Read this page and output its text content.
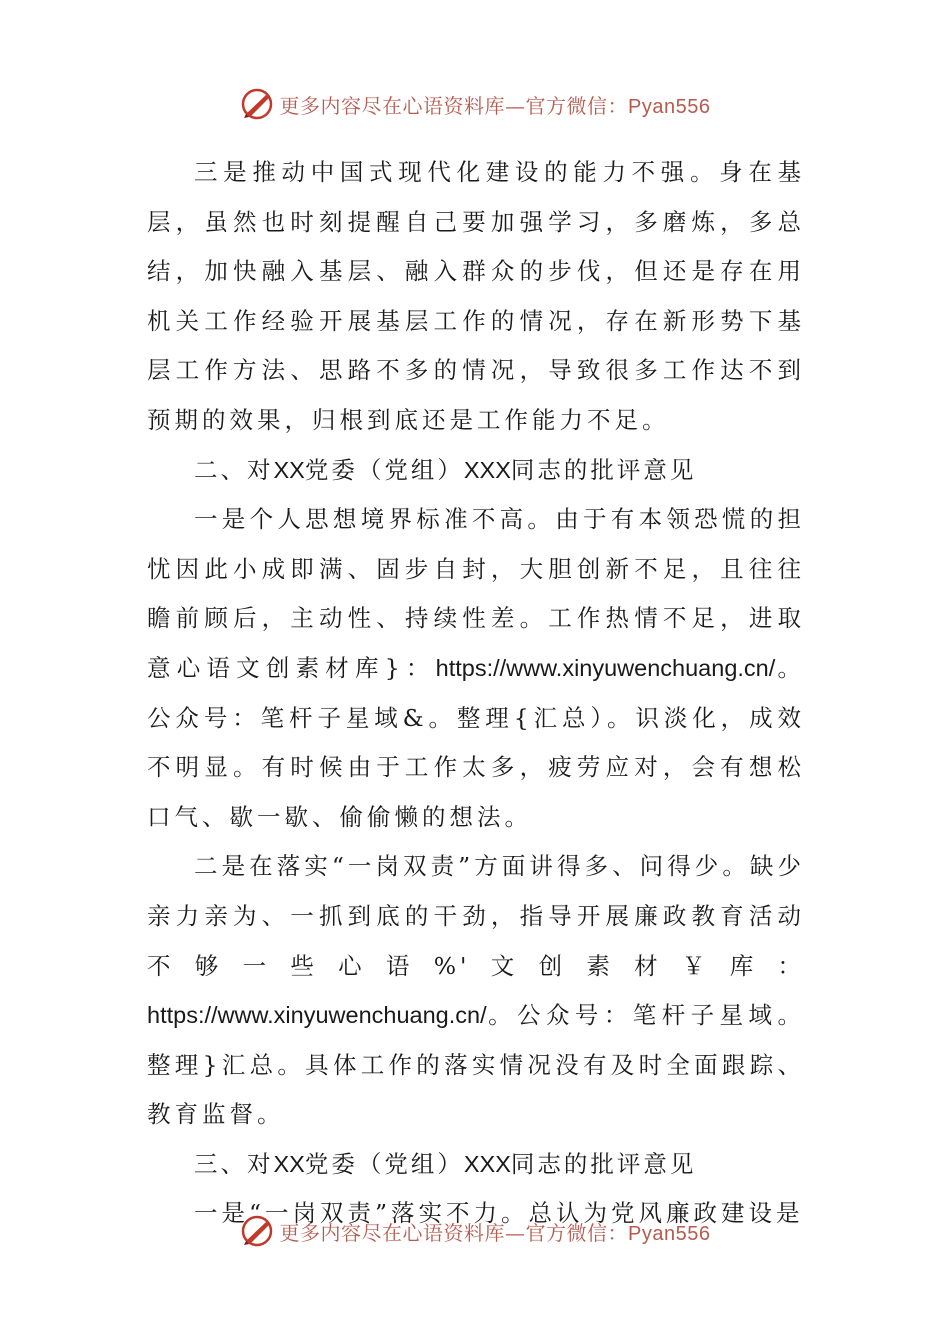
更多内容尽在心语资料库—官方微信：Pyan556

三是推动中国式现代化建设的能力不强。身在基层，虽然也时刻提醒自己要加强学习，多磨炼，多总结，加快融入基层、融入群众的步伐，但还是存在用机关工作经验开展基层工作的情况，存在新形势下基层工作方法、思路不多的情况，导致很多工作达不到预期的效果，归根到底还是工作能力不足。

二、对XX党委（党组）XXX同志的批评意见

一是个人思想境界标准不高。由于有本领恐慌的担忧因此小成即满、固步自封，大胆创新不足，且往往瞻前顾后，主动性、持续性差。工作热情不足，进取意心语文创素材库}：https://www.xinyuwenchuang.cn/。公众号：笔杆子星域&。整理{汇总）。识淡化，成效不明显。有时候由于工作太多，疲劳应对，会有想松口气、歇一歇、偷偷懒的想法。

二是在落实“一岗双责”方面讲得多、问得少。缺少亲力亲为、一抓到底的干劲，指导开展廉政教育活动不够一些心语%'文创素材￥库：https://www.xinyuwenchuang.cn/。公众号：笔杆子星域。整理}汇总。具体工作的落实情况没有及时全面跟踪、教育监督。

三、对XX党委（党组）XXX同志的批评意见

一是“一岗双责”落实不力。总认为党风廉政建设是

更多内容尽在心语资料库—官方微信：Pyan556
